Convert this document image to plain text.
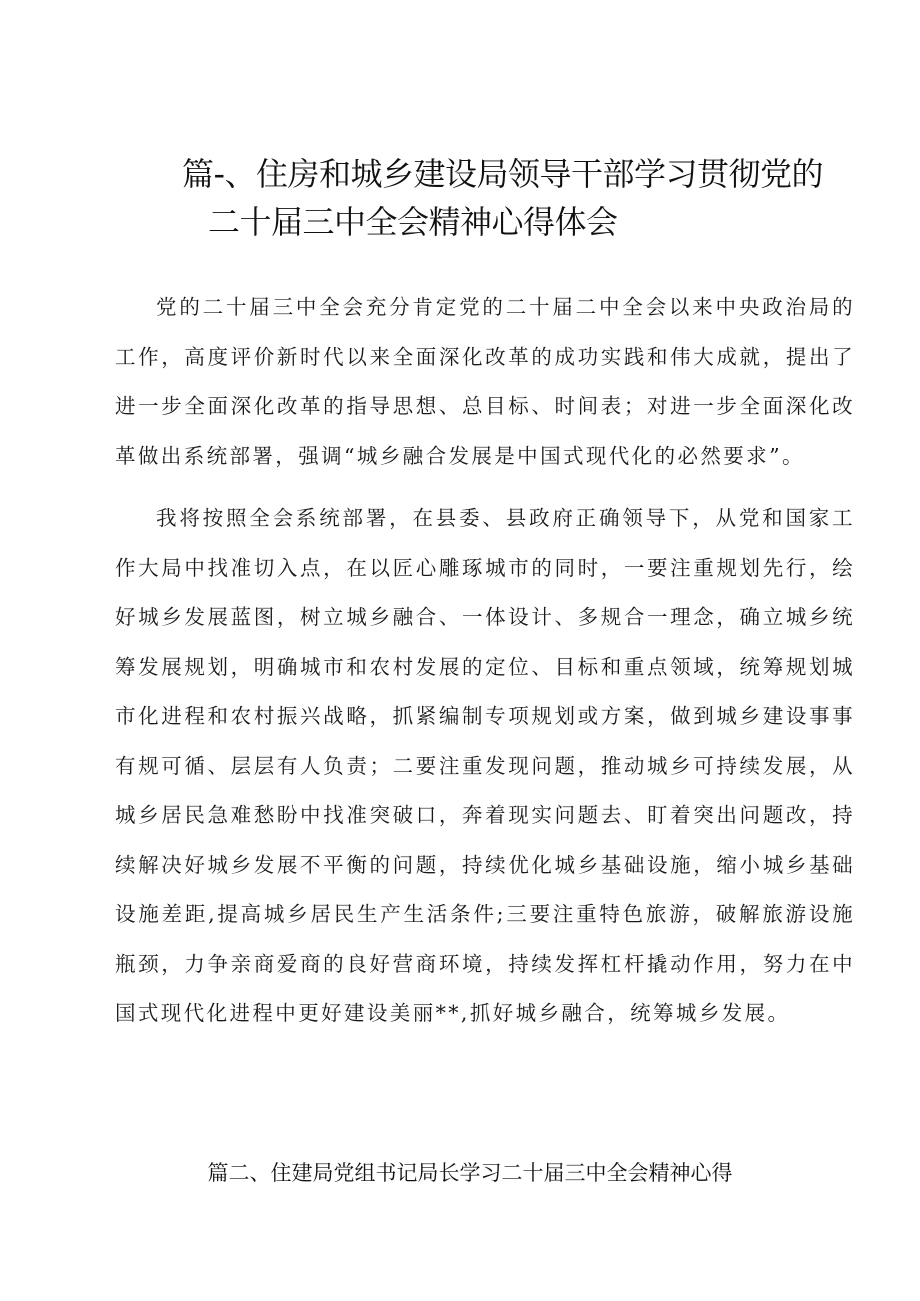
篇-、住房和城乡建设局领导干部学习贯彻党的
二十届三中全会精神心得体会

党的二十届三中全会充分肯定党的二十届二中全会以来中央政治局的工作，高度评价新时代以来全面深化改革的成功实践和伟大成就，提出了进一步全面深化改革的指导思想、总目标、时间表；对进一步全面深化改革做出系统部署，强调“城乡融合发展是中国式现代化的必然要求”。

我将按照全会系统部署，在县委、县政府正确领导下，从党和国家工作大局中找准切入点，在以匠心雕琢城市的同时，一要注重规划先行，绘好城乡发展蓝图，树立城乡融合、一体设计、多规合一理念，确立城乡统筹发展规划，明确城市和农村发展的定位、目标和重点领域，统筹规划城市化进程和农村振兴战略，抓紧编制专项规划或方案，做到城乡建设事事有规可循、层层有人负责；二要注重发现问题，推动城乡可持续发展，从城乡居民急难愁盼中找准突破口，奔着现实问题去、盯着突出问题改，持续解决好城乡发展不平衡的问题，持续优化城乡基础设施，缩小城乡基础设施差距,提高城乡居民生产生活条件;三要注重特色旅游，破解旅游设施瓶颈，力争亲商爱商的良好营商环境，持续发挥杠杆撬动作用，努力在中国式现代化进程中更好建设美丽**,抓好城乡融合，统筹城乡发展。

篇二、住建局党组书记局长学习二十届三中全会精神心得
